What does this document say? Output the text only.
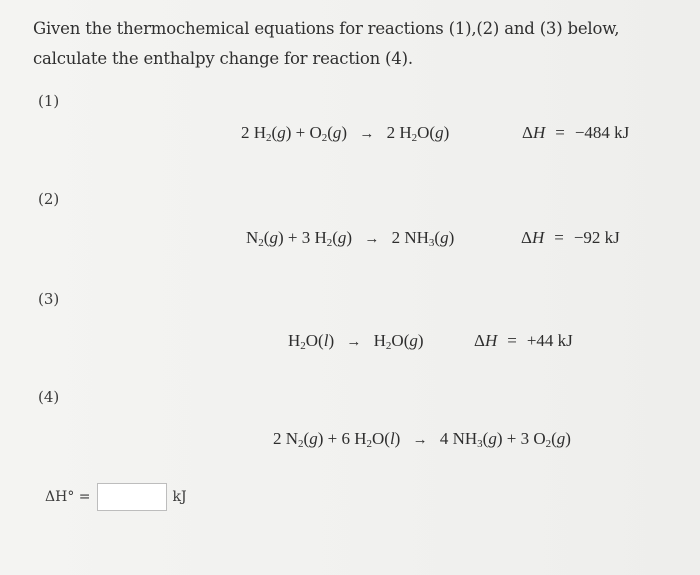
Given the thermochemical equations for reactions (1),(2) and (3) below, calculate the enthalpy change for reaction (4).
(1)
2 $H_2(g) + O_2(g) \to 2$ $H_2O(g)$	ΔH = −484 kJ
(2)
$N_2(g) + 3$ $H_2(g) \to 2$ $NH_3(g)$	ΔH = −92 kJ
(3)
$H_2O(l) \to H_2O(g)$	ΔH = +44 kJ
(4)
2 $N_2(g) + 6$ $H_2O(l) \to 4$ $NH_3(g) + 3$ $O_2(g)$
ΔH° =	kJ
